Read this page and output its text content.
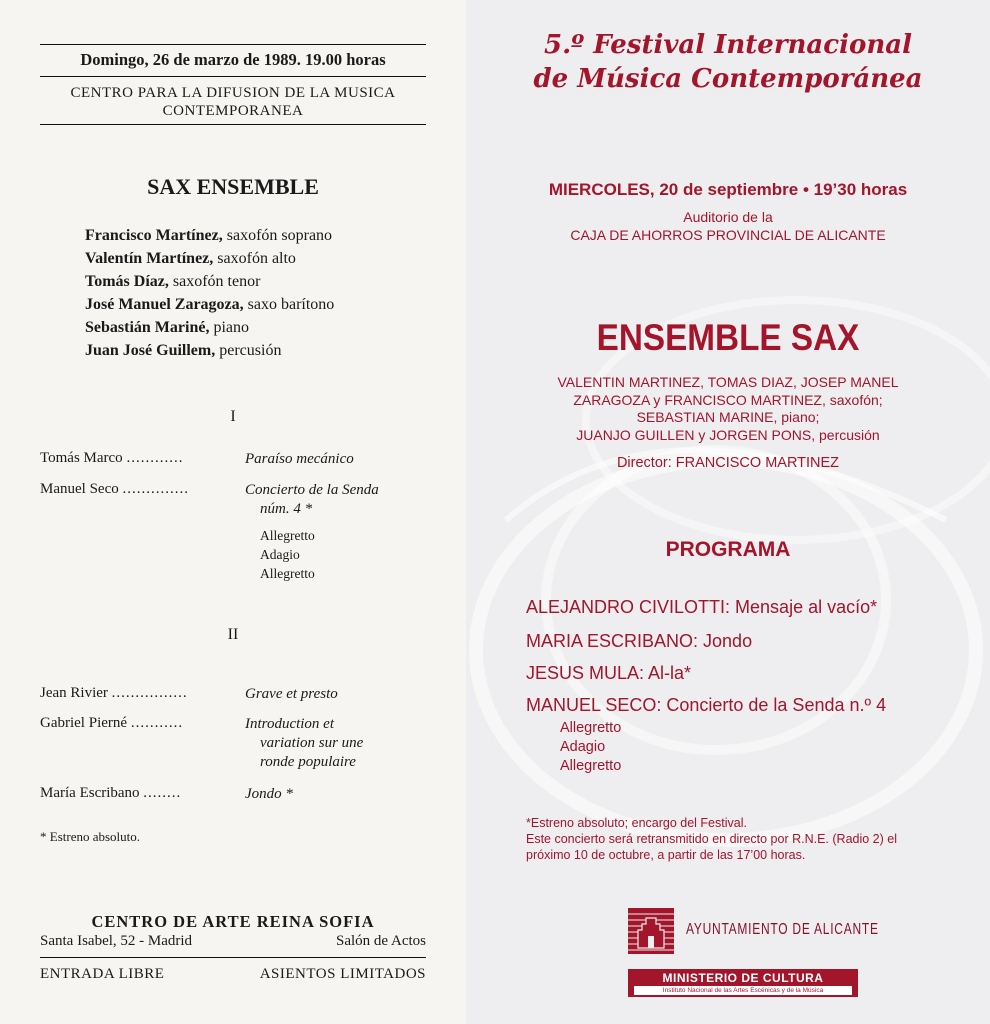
Domingo, 26 de marzo de 1989. 19.00 horas
CENTRO PARA LA DIFUSION DE LA MUSICA
CONTEMPORANEA
SAX ENSEMBLE
Francisco Martínez, saxofón soprano
Valentín Martínez, saxofón alto
Tomás Díaz, saxofón tenor
José Manuel Zaragoza, saxo barítono
Sebastián Mariné, piano
Juan José Guillem, percusión
I
Tomás Marco ............	Paraíso mecánico
Manuel Seco ..............	Concierto de la Senda
núm. 4 *
Allegretto
Adagio
Allegretto
II
Jean Rivier ................	Grave et presto
Gabriel Pierné ...........	Introduction et
variation sur une
ronde populaire
María Escribano ........	Jondo *
* Estreno absoluto.
CENTRO DE ARTE REINA SOFIA
Santa Isabel, 52 - Madrid	Salón de Actos
ENTRADA LIBRE	ASIENTOS LIMITADOS
5.º Festival Internacional
de Música Contemporánea
MIERCOLES, 20 de septiembre • 19’30 horas
Auditorio de la
CAJA DE AHORROS PROVINCIAL DE ALICANTE
ENSEMBLE SAX
VALENTIN MARTINEZ, TOMAS DIAZ, JOSEP MANEL
ZARAGOZA y FRANCISCO MARTINEZ, saxofón;
SEBASTIAN MARINE, piano;
JUANJO GUILLEN y JORGEN PONS, percusión
Director: FRANCISCO MARTINEZ
PROGRAMA
ALEJANDRO CIVILOTTI: Mensaje al vacío*
MARIA ESCRIBANO: Jondo
JESUS MULA: Al-la*
MANUEL SECO: Concierto de la Senda n.º 4
Allegretto
Adagio
Allegretto
*Estreno absoluto; encargo del Festival.
Este concierto será retransmitido en directo por R.N.E. (Radio 2) el
próximo 10 de octubre, a partir de las 17’00 horas.
AYUNTAMIENTO DE ALICANTE
MINISTERIO DE CULTURA
Instituto Nacional de las Artes Escénicas y de la Música
